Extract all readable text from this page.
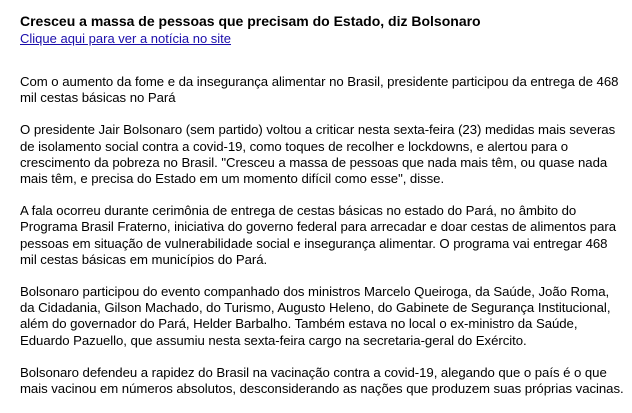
Cresceu a massa de pessoas que precisam do Estado, diz Bolsonaro
Clique aqui para ver a notícia no site

Com o aumento da fome e da insegurança alimentar no Brasil, presidente participou da entrega de 468 mil cestas básicas no Pará

O presidente Jair Bolsonaro (sem partido) voltou a criticar nesta sexta-feira (23) medidas mais severas de isolamento social contra a covid-19, como toques de recolher e lockdowns, e alertou para o crescimento da pobreza no Brasil. "Cresceu a massa de pessoas que nada mais têm, ou quase nada mais têm, e precisa do Estado em um momento difícil como esse", disse.

A fala ocorreu durante cerimônia de entrega de cestas básicas no estado do Pará, no âmbito do Programa Brasil Fraterno, iniciativa do governo federal para arrecadar e doar cestas de alimentos para pessoas em situação de vulnerabilidade social e insegurança alimentar. O programa vai entregar 468 mil cestas básicas em municípios do Pará.

Bolsonaro participou do evento companhado dos ministros Marcelo Queiroga, da Saúde, João Roma, da Cidadania, Gilson Machado, do Turismo, Augusto Heleno, do Gabinete de Segurança Institucional, além do governador do Pará, Helder Barbalho. Também estava no local o ex-ministro da Saúde, Eduardo Pazuello, que assumiu nesta sexta-feira cargo na secretaria-geral do Exército.

Bolsonaro defendeu a rapidez do Brasil na vacinação contra a covid-19, alegando que o país é o que mais vacinou em números absolutos, desconsiderando as nações que produzem suas próprias vacinas.
